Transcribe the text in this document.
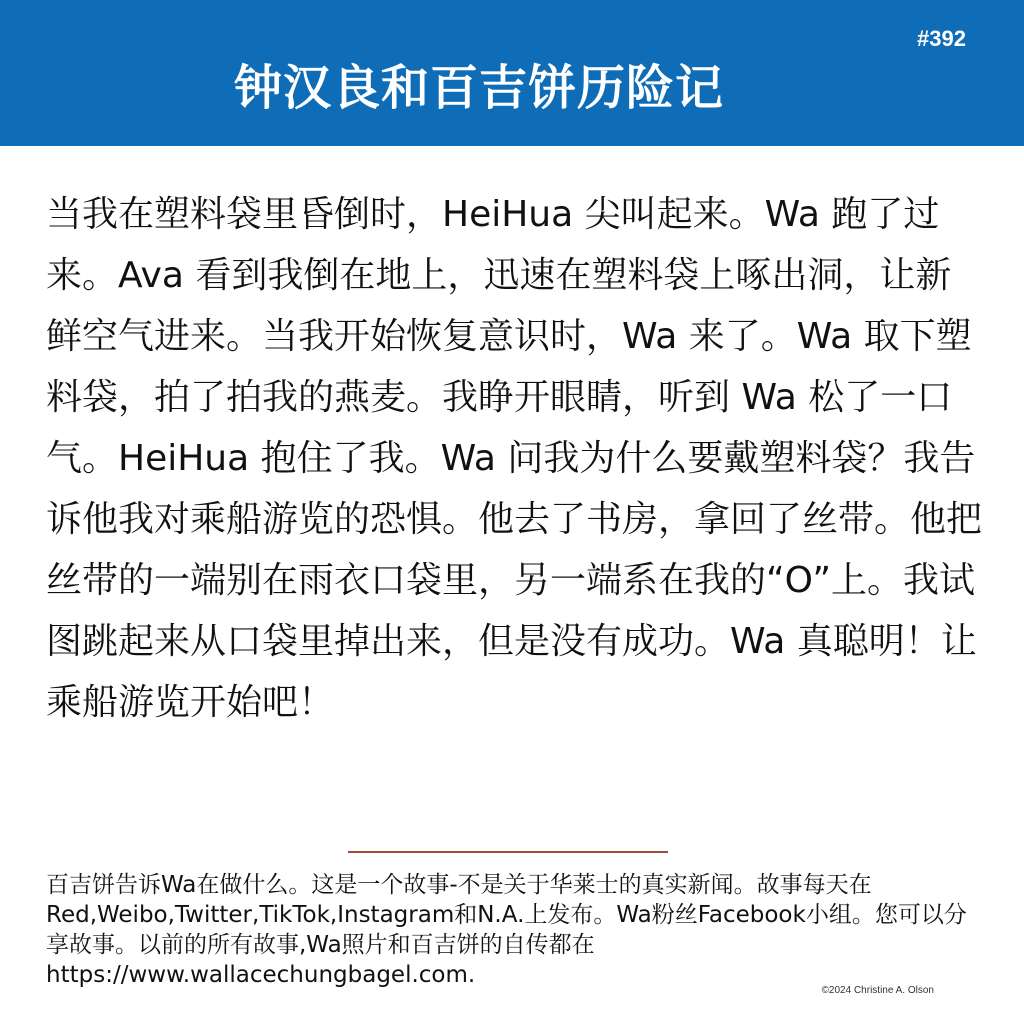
#392
钟汉良和百吉饼历险记

当我在塑料袋里昏倒时，HeiHua 尖叫起来。Wa 跑了过来。Ava 看到我倒在地上，迅速在塑料袋上啄出洞，让新鲜空气进来。当我开始恢复意识时，Wa 来了。Wa 取下塑料袋，拍了拍我的燕麦。我睁开眼睛，听到 Wa 松了一口气。HeiHua 抱住了我。Wa 问我为什么要戴塑料袋？我告诉他我对乘船游览的恐惧。他去了书房，拿回了丝带。他把丝带的一端别在雨衣口袋里，另一端系在我的“O”上。我试图跳起来从口袋里掉出来，但是没有成功。Wa 真聪明！让乘船游览开始吧！

百吉饼告诉Wa在做什么。这是一个故事-不是关于华莱士的真实新闻。故事每天在Red,Weibo,Twitter,TikTok,Instagram和N.A.上发布。Wa粉丝Facebook小组。您可以分享故事。以前的所有故事,Wa照片和百吉饼的自传都在
https://www.wallacechungbagel.com.

©2024 Christine A. Olson
